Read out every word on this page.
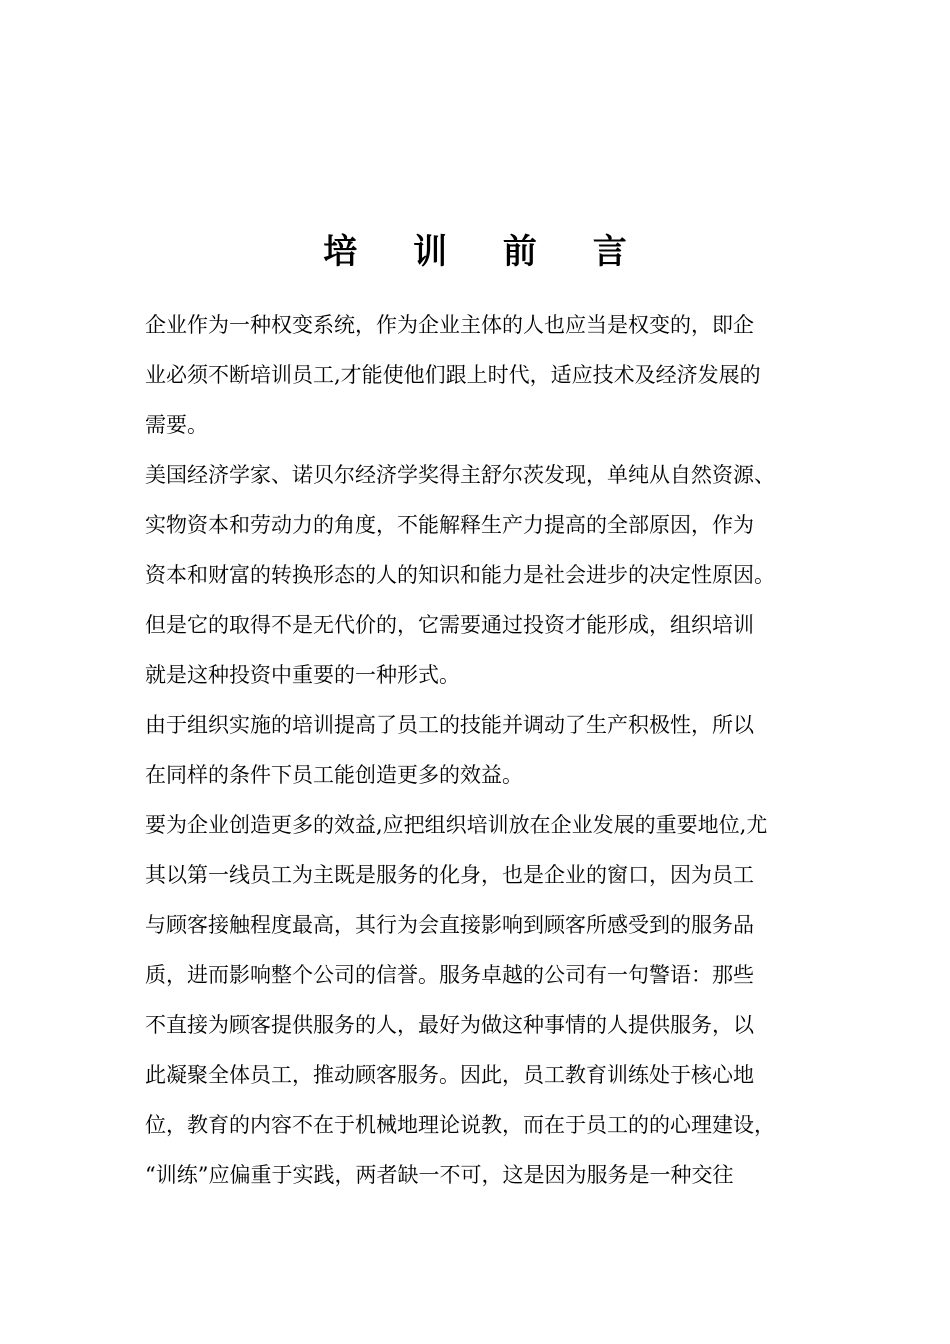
培 训 前 言
企业作为一种权变系统，作为企业主体的人也应当是权变的，即企
业必须不断培训员工,才能使他们跟上时代，适应技术及经济发展的
需要。
美国经济学家、诺贝尔经济学奖得主舒尔茨发现，单纯从自然资源、
实物资本和劳动力的角度，不能解释生产力提高的全部原因，作为
资本和财富的转换形态的人的知识和能力是社会进步的决定性原因。
但是它的取得不是无代价的，它需要通过投资才能形成，组织培训
就是这种投资中重要的一种形式。
由于组织实施的培训提高了员工的技能并调动了生产积极性，所以
在同样的条件下员工能创造更多的效益。
要为企业创造更多的效益,应把组织培训放在企业发展的重要地位,尤
其以第一线员工为主既是服务的化身，也是企业的窗口，因为员工
与顾客接触程度最高，其行为会直接影响到顾客所感受到的服务品
质，进而影响整个公司的信誉。服务卓越的公司有一句警语：那些
不直接为顾客提供服务的人，最好为做这种事情的人提供服务，以
此凝聚全体员工，推动顾客服务。因此，员工教育训练处于核心地
位，教育的内容不在于机械地理论说教，而在于员工的的心理建设，
“训练”应偏重于实践，两者缺一不可，这是因为服务是一种交往
